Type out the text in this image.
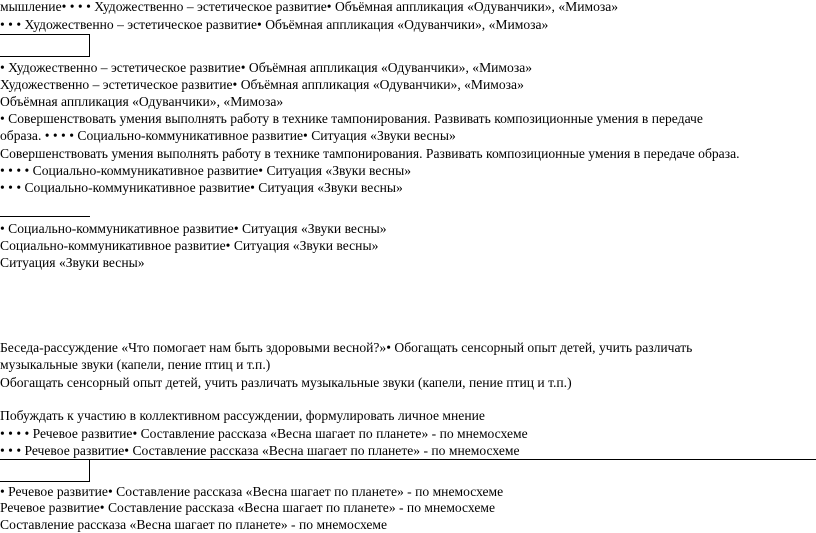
мышление• • • • Художественно – эстетическое развитие• Объёмная аппликация «Одуванчики», «Мимоза»
• • • Художественно – эстетическое развитие• Объёмная аппликация «Одуванчики», «Мимоза»
• Художественно – эстетическое развитие• Объёмная аппликация «Одуванчики», «Мимоза»
Художественно – эстетическое развитие• Объёмная аппликация «Одуванчики», «Мимоза»
Объёмная аппликация «Одуванчики», «Мимоза»
• Совершенствовать умения выполнять работу в технике тампонирования. Развивать композиционные умения в передаче
образа. • • • • Социально-коммуникативное развитие• Ситуация «Звуки весны»
Совершенствовать умения выполнять работу в технике тампонирования. Развивать композиционные умения в передаче образа.
• • • • Социально-коммуникативное развитие• Ситуация «Звуки весны»
• • • Социально-коммуникативное развитие• Ситуация «Звуки весны»
• Социально-коммуникативное развитие• Ситуация «Звуки весны»
Социально-коммуникативное развитие• Ситуация «Звуки весны»
Ситуация «Звуки весны»
Беседа-рассуждение «Что помогает нам быть здоровыми весной?»• Обогащать сенсорный опыт детей, учить различать
музыкальные звуки (капели, пение птиц и т.п.)
Обогащать сенсорный опыт детей, учить различать музыкальные звуки (капели, пение птиц и т.п.)
Побуждать к участию в коллективном рассуждении, формулировать личное мнение
• • • • Речевое развитие• Составление рассказа «Весна шагает по планете» - по мнемосхеме
• • • Речевое развитие• Составление рассказа «Весна шагает по планете» - по мнемосхеме
• Речевое развитие• Составление рассказа «Весна шагает по планете» - по мнемосхеме
Речевое развитие• Составление рассказа «Весна шагает по планете» - по мнемосхеме
Составление рассказа «Весна шагает по планете» - по мнемосхеме
